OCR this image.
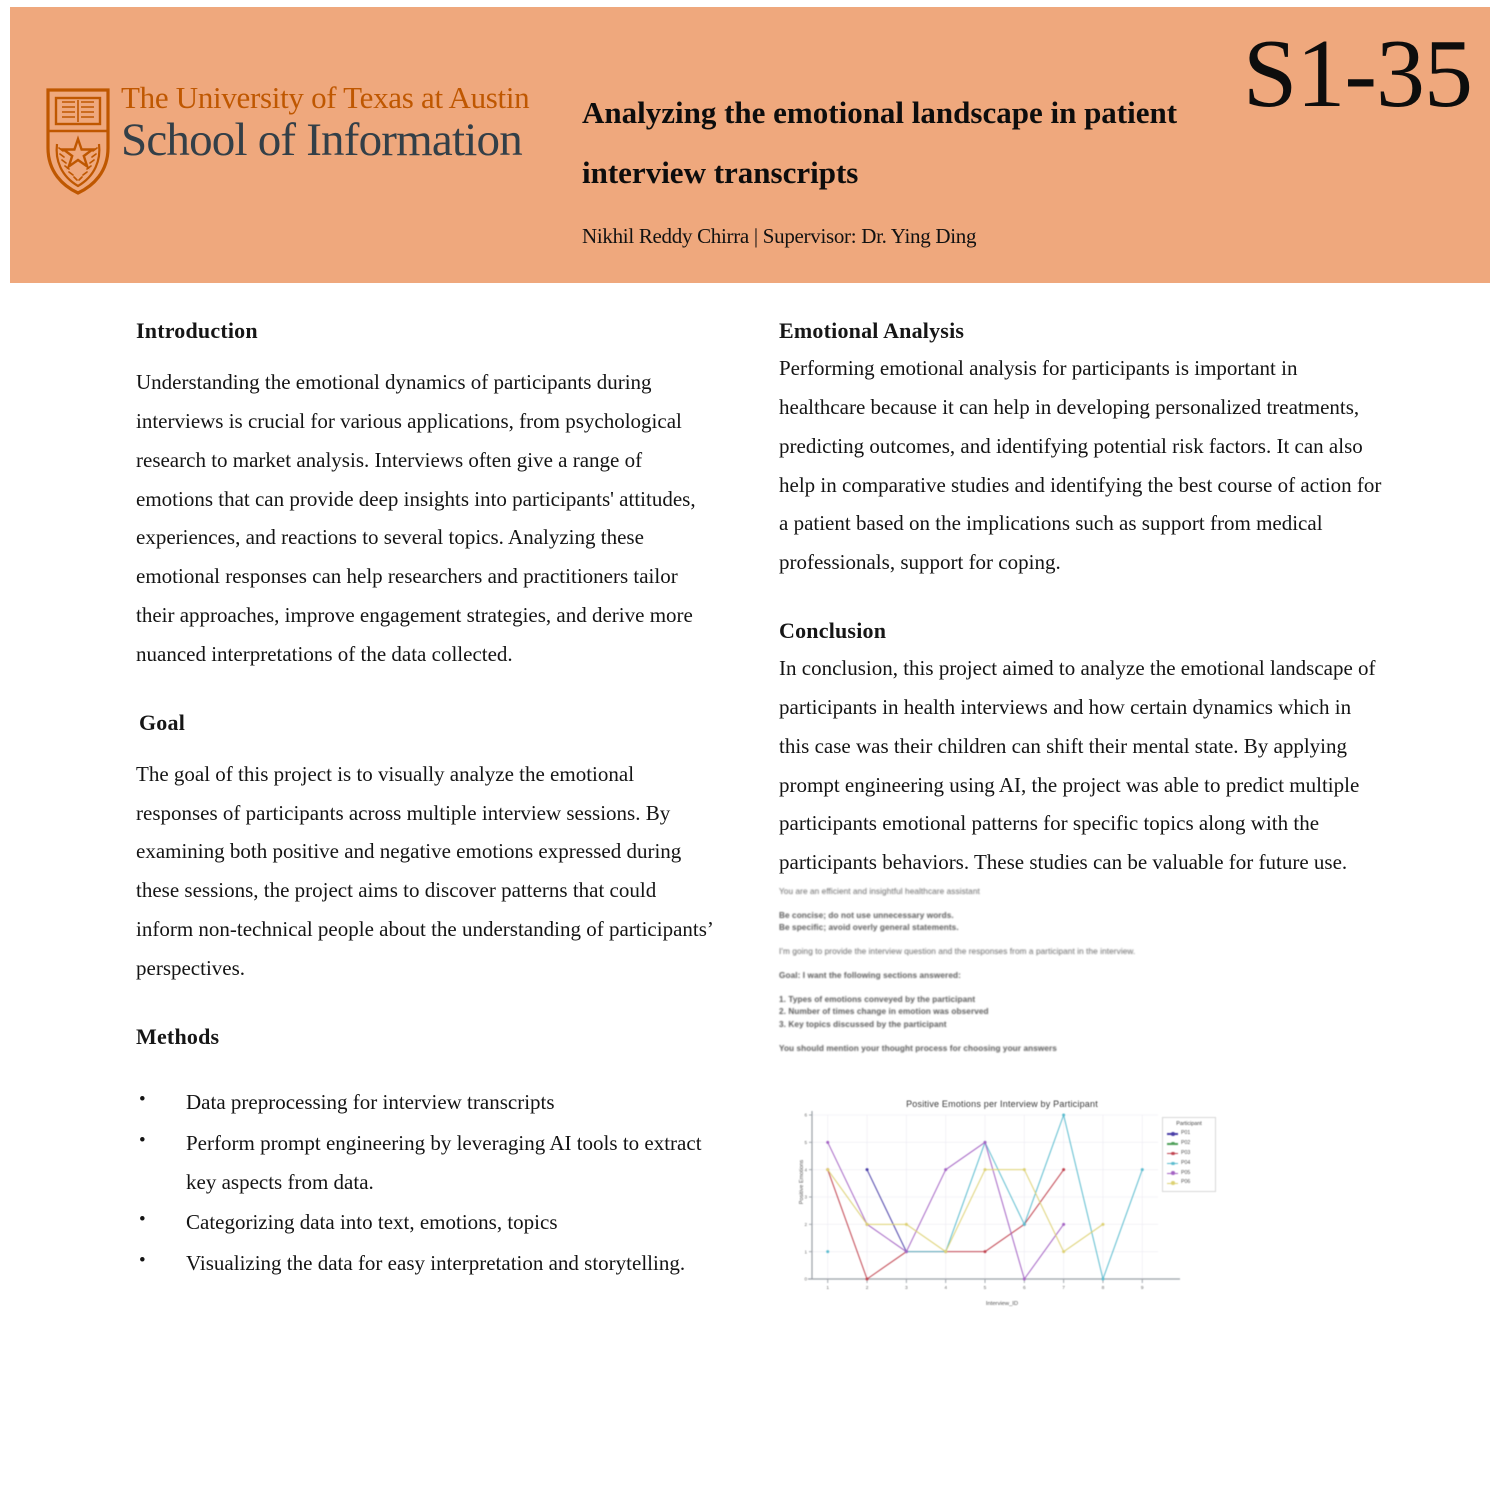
The University of Texas at Austin
School of Information
Analyzing the emotional landscape in patient interview transcripts
Nikhil Reddy Chirra | Supervisor: Dr. Ying Ding
S1-35
Introduction

Understanding the emotional dynamics of participants during interviews is crucial for various applications, from psychological research to market analysis. Interviews often give a range of emotions that can provide deep insights into participants' attitudes, experiences, and reactions to several topics. Analyzing these emotional responses can help researchers and practitioners tailor their approaches, improve engagement strategies, and derive more nuanced interpretations of the data collected.

Goal

The goal of this project is to visually analyze the emotional responses of participants across multiple interview sessions. By examining both positive and negative emotions expressed during these sessions, the project aims to discover patterns that could inform non-technical people about the understanding of participants’ perspectives.

Methods
• Data preprocessing for interview transcripts
• Perform prompt engineering by leveraging AI tools to extract key aspects from data.
• Categorizing data into text, emotions, topics
• Visualizing the data for easy interpretation and storytelling.
Emotional Analysis

Performing emotional analysis for participants is important in healthcare because it can help in developing personalized treatments, predicting outcomes, and identifying potential risk factors. It can also help in comparative studies and identifying the best course of action for a patient based on the implications such as support from medical professionals, support for coping.

Conclusion

In conclusion, this project aimed to analyze the emotional landscape of participants in health interviews and how certain dynamics which in this case was their children can shift their mental state. By applying prompt engineering using AI, the project was able to predict multiple participants emotional patterns for specific topics along with the participants behaviors. These studies can be valuable for future use.

You are an efficient and insightful healthcare assistant
Be concise; do not use unnecessary words.
Be specific; avoid overly general statements.
I'm going to provide the interview question and the responses from a participant in the interview.
Goal: I want the following sections answered:
1. Types of emotions conveyed by the participant
2. Number of times change in emotion was observed
3. Key topics discussed by the participant
You should mention your thought process for choosing your answers
Positive Emotions per Interview by Participant
0
1
2
3
4
5
6
1	2	3	4	5	6	7	8	9
Positive Emotions
Interview_ID
Participant
P01
P02
P03
P04
P05
P06
